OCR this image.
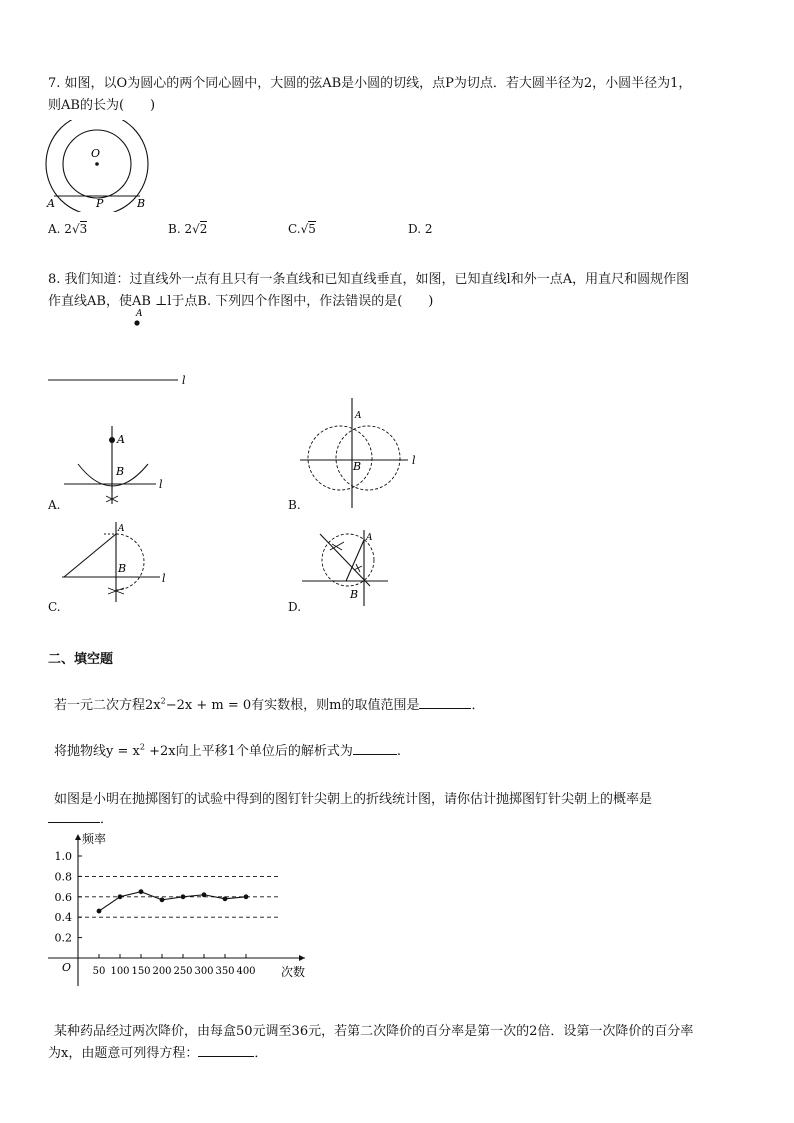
7. 如图，以O为圆心的两个同心圆中，大圆的弦AB是小圆的切线，点P为切点．若大圆半径为2，小圆半径为1，
则AB的长为(　　)
O
A	P	B
A. 2√3	B. 2√2	C.√5	D. 2
8. 我们知道：过直线外一点有且只有一条直线和已知直线垂直，如图，已知直线l和外一点A，用直尺和圆规作图
作直线AB，使AB ⊥l于点B. 下列四个作图中，作法错误的是(　　)
A
l
A
l
B
A.
l
A
B
B.
l
A
B
C.
A
B
D.
二、填空题
若一元二次方程$2x^2-2x + m = 0$有实数根，则m的取值范围是	．
将抛物线$y = x^2 +2x$向上平移1个单位后的解析式为	.
如图是小明在抛掷图钉的试验中得到的图钉针尖朝上的折线统计图，请你估计抛掷图钉针尖朝上的概率是
．
0.2
0.4
0.6
0.8
1.0
50 100 150 200 250 300 350 400
频率
次数
O
某种药品经过两次降价，由每盒50元调至36元，若第二次降价的百分率是第一次的2倍．设第一次降价的百分率
为x，由题意可列得方程：	．
